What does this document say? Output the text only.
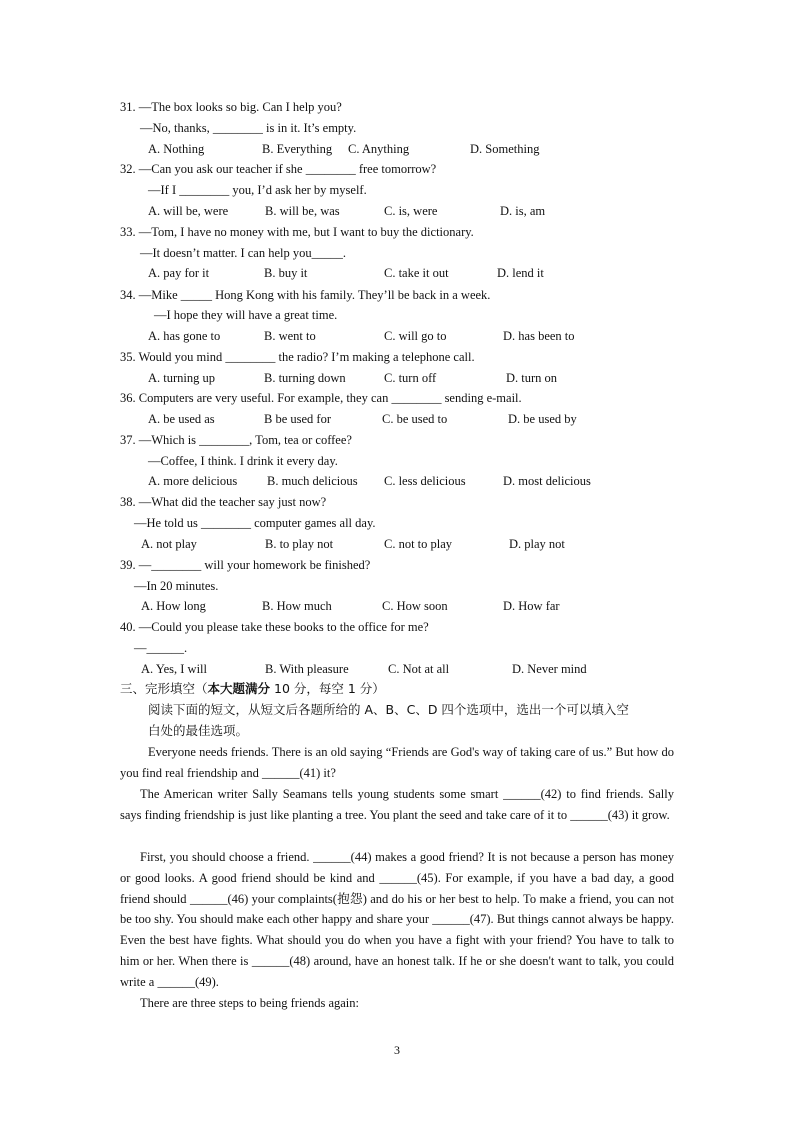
31. —The box looks so big. Can I help you?
—No, thanks, ________ is in it. It’s empty.
A. Nothing	B. Everything C. Anything	D. Something
32. —Can you ask our teacher if she ________ free tomorrow?
—If I ________ you, I’d ask her by myself.
A. will be, were	B. will be, was	C. is, were	D. is, am
33. —Tom, I have no money with me, but I want to buy the dictionary.
—It doesn’t matter. I can help you_____.
A. pay for it	B. buy it	C. take it out	D. lend it
34. —Mike _____ Hong Kong with his family. They’ll be back in a week.
—I hope they will have a great time.
A. has gone to	B. went to	C. will go to	D. has been to
35. Would you mind ________ the radio? I’m making a telephone call.
A. turning up	B. turning down	C. turn off	D. turn on
36. Computers are very useful. For example, they can ________ sending e-mail.
A. be used as	B be used for	C. be used to	D. be used by
37. —Which is ________, Tom, tea or coffee?
—Coffee, I think. I drink it every day.
A. more delicious B. much delicious C. less delicious	D. most delicious
38. —What did the teacher say just now?
—He told us ________ computer games all day.
A. not play	B. to play not	C. not to play	D. play not
39. —________ will your homework be finished?
—In 20 minutes.
A. How long	B. How much	C. How soon	D. How far
40. —Could you please take these books to the office for me?
—______.
A. Yes, I will	B. With pleasure	C. Not at all	D. Never mind
三、完形填空（本大题满分 10 分，每空 1 分）
阅读下面的短文，从短文后各题所给的 A、B、C、D 四个选项中，选出一个可以填入空
白处的最佳选项。
Everyone needs friends. There is an old saying “Friends are God's way of taking care of us.” But how do you find real friendship and ______(41) it?
The American writer Sally Seamans tells young students some smart ______(42) to find friends. Sally says finding friendship is just like planting a tree. You plant the seed and take care of it to ______(43) it grow.
First, you should choose a friend. ______(44) makes a good friend? It is not because a person has money or good looks. A good friend should be kind and ______(45). For example, if you have a bad day, a good friend should ______(46) your complaints(抱怨) and do his or her best to help. To make a friend, you can not be too shy. You should make each other happy and share your ______(47). But things cannot always be happy. Even the best have fights. What should you do when you have a fight with your friend? You have to talk to him or her. When there is ______(48) around, have an honest talk. If he or she doesn't want to talk, you could write a ______(49).
There are three steps to being friends again:
3
